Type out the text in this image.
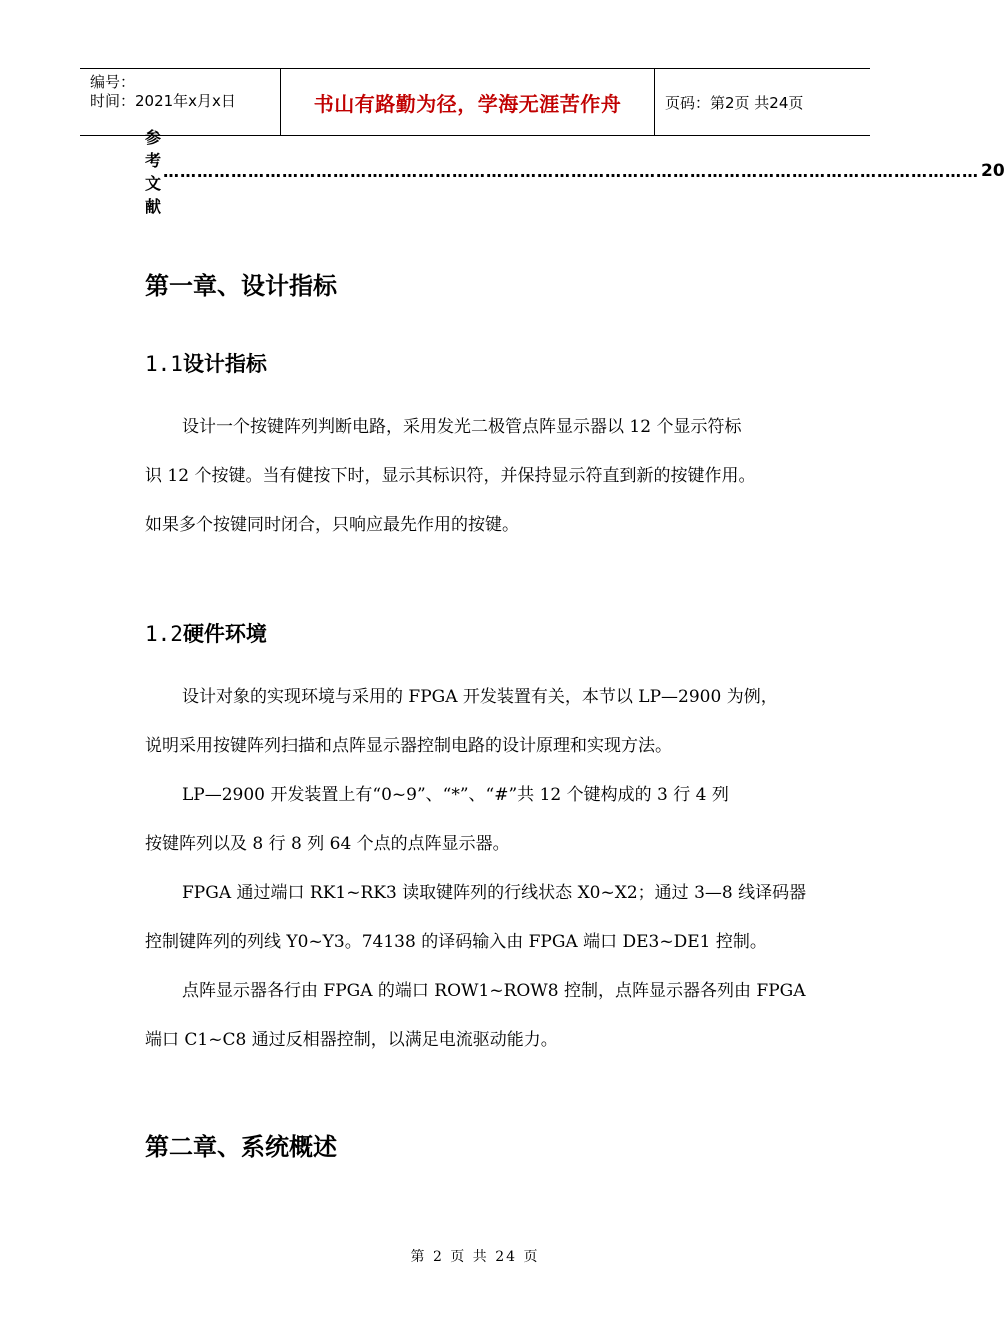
编号：
时间：2021年x月x日	书山有路勤为径，学海无涯苦作舟	页码：第2页 共24页
参考文献
……………………………………………………………………………………………………………………………… 20
第一章、设计指标
1.1设计指标
设计一个按键阵列判断电路，采用发光二极管点阵显示器以 12 个显示符标
识 12 个按键。当有健按下时，显示其标识符，并保持显示符直到新的按键作用。
如果多个按键同时闭合，只响应最先作用的按键。
1.2硬件环境
设计对象的实现环境与采用的 FPGA 开发装置有关，本节以 LP—2900 为例，
说明采用按键阵列扫描和点阵显示器控制电路的设计原理和实现方法。
LP—2900 开发装置上有“0~9”、“*”、“#”共 12 个键构成的 3 行 4 列
按键阵列以及 8 行 8 列 64 个点的点阵显示器。
FPGA 通过端口 RK1~RK3 读取键阵列的行线状态 X0~X2；通过 3—8 线译码器
控制键阵列的列线 Y0~Y3。74138 的译码输入由 FPGA 端口 DE3~DE1 控制。
点阵显示器各行由 FPGA 的端口 ROW1~ROW8 控制，点阵显示器各列由 FPGA
端口 C1~C8 通过反相器控制，以满足电流驱动能力。
第二章、系统概述
第 2 页 共 24 页
